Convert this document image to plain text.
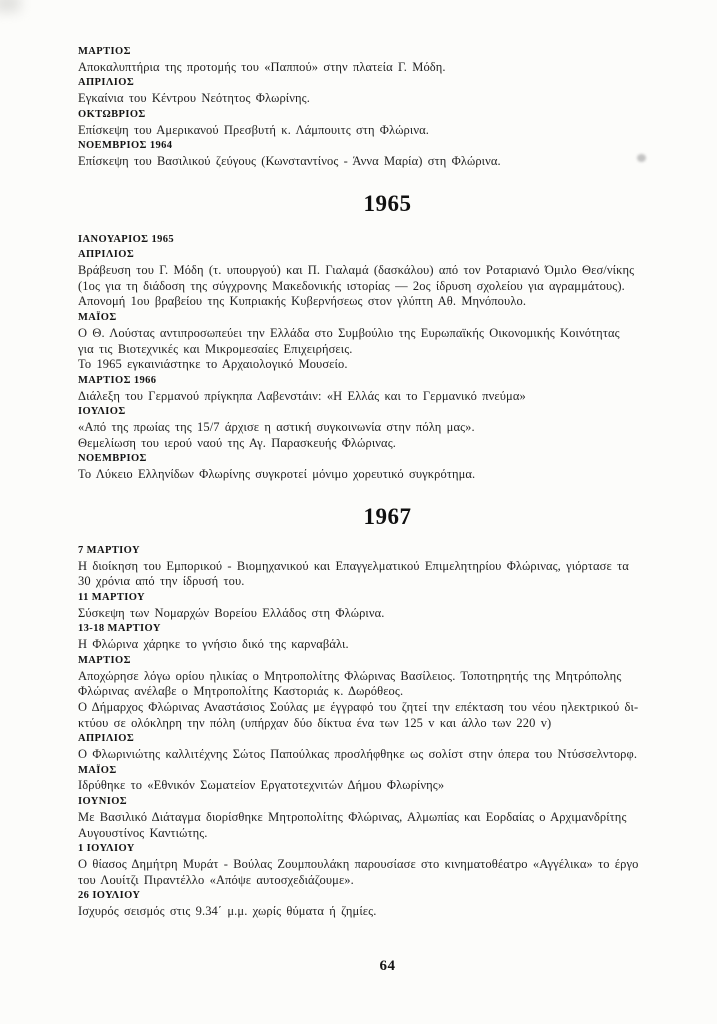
ΜΑΡΤΙΟΣ
Αποκαλυπτήρια της προτομής του «Παππού» στην πλατεία Γ. Μόδη.
ΑΠΡΙΛΙΟΣ
Εγκαίνια του Κέντρου Νεότητος Φλωρίνης.
ΟΚΤΩΒΡΙΟΣ
Επίσκεψη του Αμερικανού Πρεσβυτή κ. Λάμπουιτς στη Φλώρινα.
ΝΟΕΜΒΡΙΟΣ 1964
Επίσκεψη του Βασιλικού ζεύγους (Κωνσταντίνος - Άννα Μαρία) στη Φλώρινα.
1965
ΙΑΝΟΥΑΡΙΟΣ 1965
ΑΠΡΙΛΙΟΣ
Βράβευση του Γ. Μόδη (τ. υπουργού) και Π. Γιαλαμά (δασκάλου) από τον Ροταριανό Όμιλο Θεσ/νίκης
(1ος για τη διάδοση της σύγχρονης Μακεδονικής ιστορίας — 2ος ίδρυση σχολείου για αγραμμάτους).
Απονομή 1ου βραβείου της Κυπριακής Κυβερνήσεως στον γλύπτη Αθ. Μηνόπουλο.
ΜΑΪΟΣ
Ο Θ. Λούστας αντιπροσωπεύει την Ελλάδα στο Συμβούλιο της Ευρωπαϊκής Οικονομικής Κοινότητας
για τις Βιοτεχνικές και Μικρομεσαίες Επιχειρήσεις.
Το 1965 εγκαινιάστηκε το Αρχαιολογικό Μουσείο.
ΜΑΡΤΙΟΣ 1966
Διάλεξη του Γερμανού πρίγκηπα Λαβενστάιν: «Η Ελλάς και το Γερμανικό πνεύμα»
ΙΟΥΛΙΟΣ
«Από της πρωίας της 15/7 άρχισε η αστική συγκοινωνία στην πόλη μας».
Θεμελίωση του ιερού ναού της Αγ. Παρασκευής Φλώρινας.
ΝΟΕΜΒΡΙΟΣ
Το Λύκειο Ελληνίδων Φλωρίνης συγκροτεί μόνιμο χορευτικό συγκρότημα.
1967
7 ΜΑΡΤΙΟΥ
Η διοίκηση του Εμπορικού - Βιομηχανικού και Επαγγελματικού Επιμελητηρίου Φλώρινας, γιόρτασε τα
30 χρόνια από την ίδρυσή του.
11 ΜΑΡΤΙΟΥ
Σύσκεψη των Νομαρχών Βορείου Ελλάδος στη Φλώρινα.
13-18 ΜΑΡΤΙΟΥ
Η Φλώρινα χάρηκε το γνήσιο δικό της καρναβάλι.
ΜΑΡΤΙΟΣ
Αποχώρησε λόγω ορίου ηλικίας ο Μητροπολίτης Φλώρινας Βασίλειος. Τοποτηρητής της Μητρόπολης
Φλώρινας ανέλαβε ο Μητροπολίτης Καστοριάς κ. Δωρόθεος.
Ο Δήμαρχος Φλώρινας Αναστάσιος Σούλας με έγγραφό του ζητεί την επέκταση του νέου ηλεκτρικού δι-
κτύου σε ολόκληρη την πόλη (υπήρχαν δύο δίκτυα ένα των 125 v και άλλο των 220 v)
ΑΠΡΙΛΙΟΣ
Ο Φλωρινιώτης καλλιτέχνης Σώτος Παπούλκας προσλήφθηκε ως σολίστ στην όπερα του Ντύσσελντορφ.
ΜΑΪΟΣ
Ιδρύθηκε το «Εθνικόν Σωματείον Εργατοτεχνιτών Δήμου Φλωρίνης»
ΙΟΥΝΙΟΣ
Με Βασιλικό Διάταγμα διορίσθηκε Μητροπολίτης Φλώρινας, Αλμωπίας και Εορδαίας ο Αρχιμανδρίτης
Αυγουστίνος Καντιώτης.
1 ΙΟΥΛΙΟΥ
Ο θίασος Δημήτρη Μυράτ - Βούλας Ζουμπουλάκη παρουσίασε στο κινηματοθέατρο «Αγγέλικα» το έργο
του Λουίτζι Πιραντέλλο «Απόψε αυτοσχεδιάζουμε».
26 ΙΟΥΛΙΟΥ
Ισχυρός σεισμός στις 9.34΄ μ.μ. χωρίς θύματα ή ζημίες.
64
